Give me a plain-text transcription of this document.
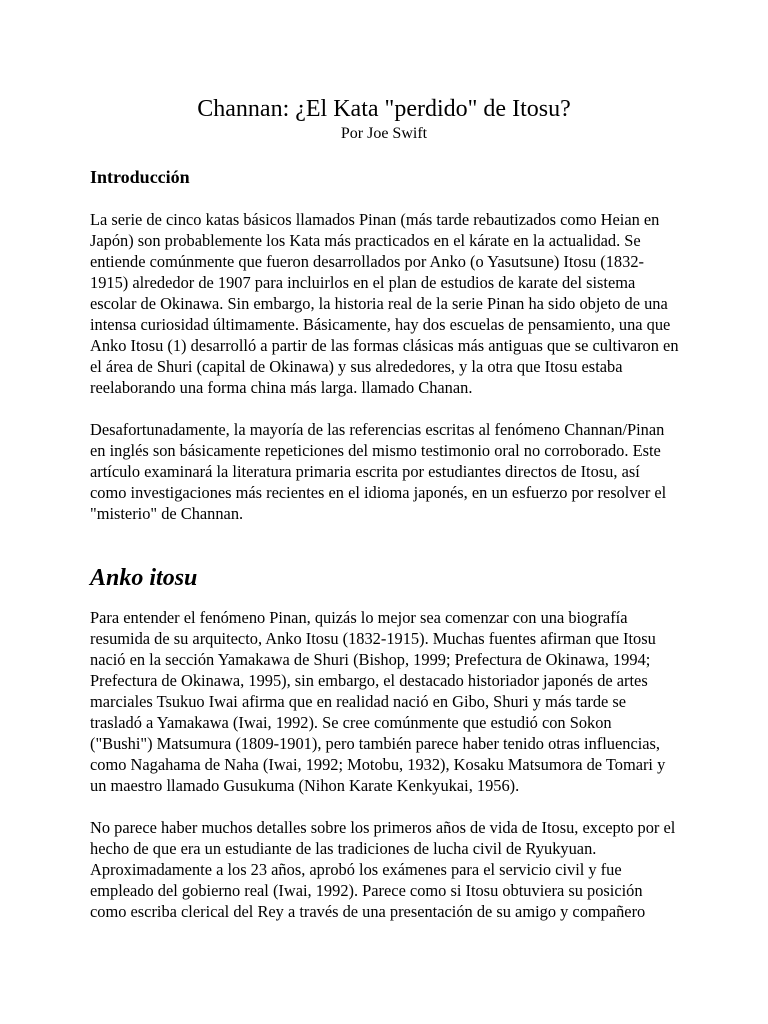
Channan: ¿El Kata "perdido" de Itosu?

Por Joe Swift

Introducción
La serie de cinco katas básicos llamados Pinan (más tarde rebautizados como Heian en
Japón) son probablemente los Kata más practicados en el kárate en la actualidad. Se
entiende comúnmente que fueron desarrollados por Anko (o Yasutsune) Itosu (1832-
1915) alrededor de 1907 para incluirlos en el plan de estudios de karate del sistema
escolar de Okinawa. Sin embargo, la historia real de la serie Pinan ha sido objeto de una
intensa curiosidad últimamente. Básicamente, hay dos escuelas de pensamiento, una que
Anko Itosu (1) desarrolló a partir de las formas clásicas más antiguas que se cultivaron en
el área de Shuri (capital de Okinawa) y sus alrededores, y la otra que Itosu estaba
reelaborando una forma china más larga. llamado Chanan.
Desafortunadamente, la mayoría de las referencias escritas al fenómeno Channan/Pinan
en inglés son básicamente repeticiones del mismo testimonio oral no corroborado. Este
artículo examinará la literatura primaria escrita por estudiantes directos de Itosu, así
como investigaciones más recientes en el idioma japonés, en un esfuerzo por resolver el
"misterio" de Channan.
Anko itosu
Para entender el fenómeno Pinan, quizás lo mejor sea comenzar con una biografía
resumida de su arquitecto, Anko Itosu (1832-1915). Muchas fuentes afirman que Itosu
nació en la sección Yamakawa de Shuri (Bishop, 1999; Prefectura de Okinawa, 1994;
Prefectura de Okinawa, 1995), sin embargo, el destacado historiador japonés de artes
marciales Tsukuo Iwai afirma que en realidad nació en Gibo, Shuri y más tarde se
trasladó a Yamakawa (Iwai, 1992). Se cree comúnmente que estudió con Sokon
("Bushi") Matsumura (1809-1901), pero también parece haber tenido otras influencias,
como Nagahama de Naha (Iwai, 1992; Motobu, 1932), Kosaku Matsumora de Tomari y
un maestro llamado Gusukuma (Nihon Karate Kenkyukai, 1956).
No parece haber muchos detalles sobre los primeros años de vida de Itosu, excepto por el
hecho de que era un estudiante de las tradiciones de lucha civil de Ryukyuan.
Aproximadamente a los 23 años, aprobó los exámenes para el servicio civil y fue
empleado del gobierno real (Iwai, 1992). Parece como si Itosu obtuviera su posición
como escriba clerical del Rey a través de una presentación de su amigo y compañero
